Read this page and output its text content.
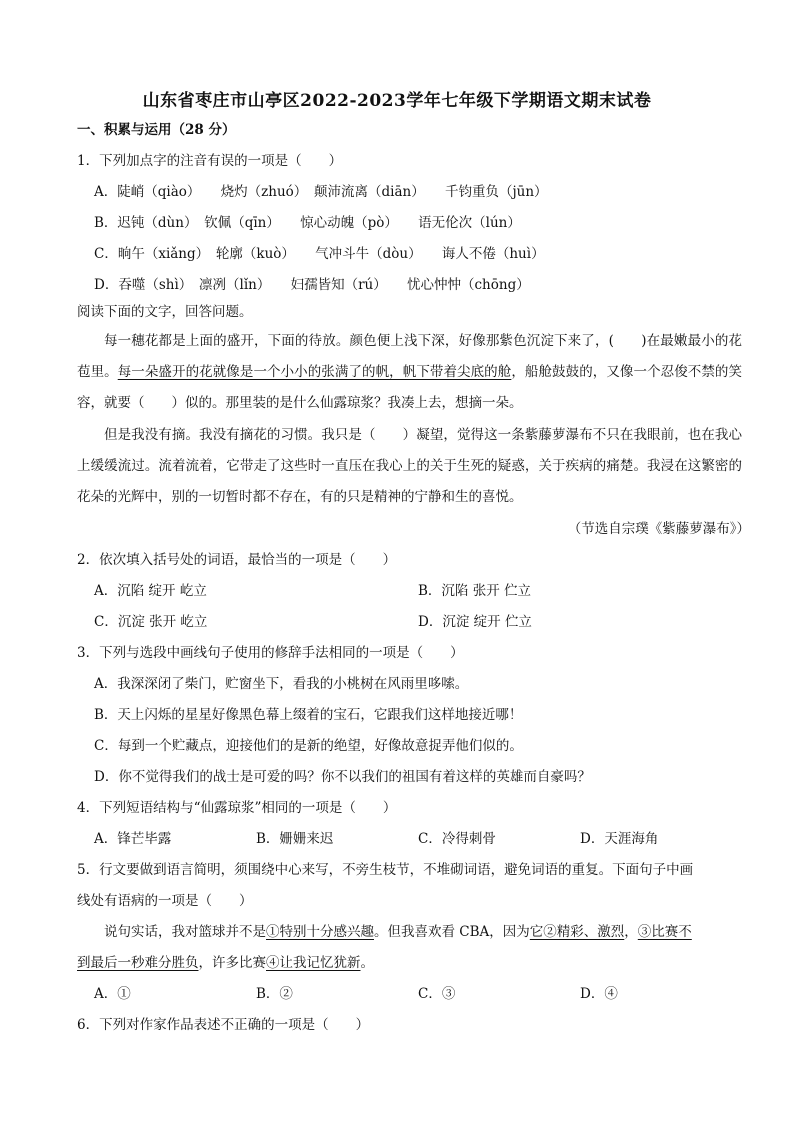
山东省枣庄市山亭区2022-2023学年七年级下学期语文期末试卷
一、积累与运用（28 分）
1．下列加点字的注音有误的一项是（　　）
A．陡峭（qiào）　　烧灼（zhuó）　颠沛流离（diān）　　千钧重负（jūn）
B．迟钝（dùn）　钦佩（qīn）　　惊心动魄（pò）　　语无伦次（lún）
C．晌午（xiǎng）　轮廓（kuò）　　气冲斗牛（dòu）　　诲人不倦（huì）
D．吞噬（shì）　凛冽（lǐn）　　妇孺皆知（rú）　　忧心忡忡（chōng）
阅读下面的文字，回答问题。
每一穗花都是上面的盛开，下面的待放。颜色便上浅下深，好像那紫色沉淀下来了，(　　)在最嫩最小的花苞里。每一朵盛开的花就像是一个小小的张满了的帆，帆下带着尖底的舱，船舱鼓鼓的，又像一个忍俊不禁的笑容，就要（　　）似的。那里装的是什么仙露琼浆？我凑上去，想摘一朵。
但是我没有摘。我没有摘花的习惯。我只是（　　）凝望，觉得这一条紫藤萝瀑布不只在我眼前，也在我心上缓缓流过。流着流着，它带走了这些时一直压在我心上的关于生死的疑惑，关于疾病的痛楚。我浸在这繁密的花朵的光辉中，别的一切暂时都不存在，有的只是精神的宁静和生的喜悦。
（节选自宗璞《紫藤萝瀑布》）
2．依次填入括号处的词语，最恰当的一项是（　　）
A．沉陷 绽开 屹立	B．沉陷 张开 伫立
C．沉淀 张开 屹立	D．沉淀 绽开 伫立
3．下列与选段中画线句子使用的修辞手法相同的一项是（　　）
A．我深深闭了柴门，贮窗坐下，看我的小桃树在风雨里哆嗦。
B．天上闪烁的星星好像黑色幕上缀着的宝石，它跟我们这样地接近哪！
C．每到一个贮藏点，迎接他们的是新的绝望，好像故意捉弄他们似的。
D．你不觉得我们的战士是可爱的吗？你不以我们的祖国有着这样的英雄而自豪吗？
4．下列短语结构与“仙露琼浆”相同的一项是（　　）
A．锋芒毕露	B．姗姗来迟	C．冷得刺骨	D．天涯海角
5．行文要做到语言简明，须围绕中心来写，不旁生枝节，不堆砌词语，避免词语的重复。下面句子中画
线处有语病的一项是（　　）
说句实话，我对篮球并不是①特别十分感兴趣。但我喜欢看 CBA，因为它②精彩、激烈，③比赛不
到最后一秒难分胜负，许多比赛④让我记忆犹新。
A．①	B．②	C．③	D．④
6．下列对作家作品表述不正确的一项是（　　）
